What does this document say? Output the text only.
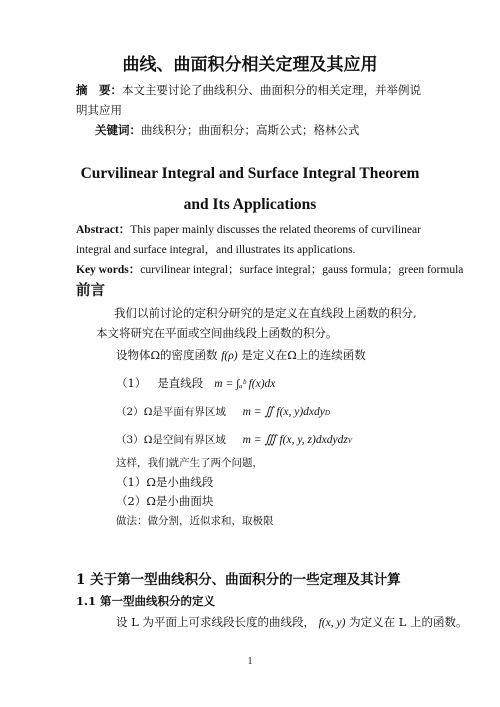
曲线、曲面积分相关定理及其应用
摘　要：本文主要讨论了曲线积分、曲面积分的相关定理，并举例说明其应用
关键词：曲线积分；曲面积分；高斯公式；格林公式
Curvilinear Integral and Surface Integral Theorem
and Its Applications
Abstract：This paper mainly discusses the related theorems of curvilinear integral and surface integral，and illustrates its applications.
Key words：curvilinear integral；surface integral；gauss formula；green formula
前言
我们以前讨论的定积分研究的是定义在直线段上函数的积分,本文将研究在平面或空间曲线段上函数的积分。
设物体Ω的密度函数 f(ρ) 是定义在Ω上的连续函数
（1） 是直线段 m = ∫ₐᵇ f(x)dx
（2）Ω是平面有界区域 m = ∬ f(x, y)dxdyD
（3）Ω是空间有界区域 m = ∭ f(x, y, z)dxdydzV
这样，我们就产生了两个问题，
（1）Ω是小曲线段
（2）Ω是小曲面块
做法：做分割，近似求和，取极限
1 关于第一型曲线积分、曲面积分的一些定理及其计算
1.1 第一型曲线积分的定义
设 L 为平面上可求线段长度的曲线段， f(x, y) 为定义在 L 上的函数。
1
